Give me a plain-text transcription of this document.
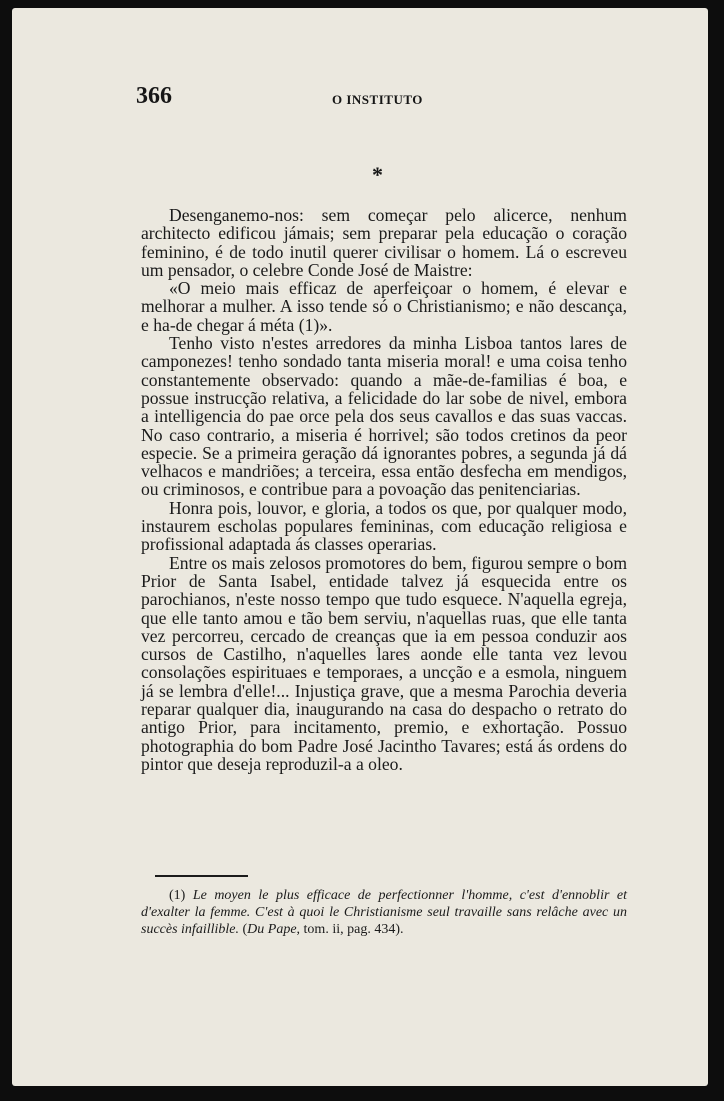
366	O INSTITUTO
*

Desenganemo-nos: sem começar pelo alicerce, nenhum architecto edificou jámais; sem preparar pela educação o coração feminino, é de todo inutil querer civilisar o homem. Lá o escreveu um pensador, o celebre Conde José de Maistre:

«O meio mais efficaz de aperfeiçoar o homem, é elevar e melhorar a mulher. A isso tende só o Christianismo; e não descança, e ha-de chegar á méta (1)».

Tenho visto n'estes arredores da minha Lisboa tantos lares de camponezes! tenho sondado tanta miseria moral! e uma coisa tenho constantemente observado: quando a mãe-de-familias é boa, e possue instrucção relativa, a felicidade do lar sobe de nivel, embora a intelligencia do pae orce pela dos seus cavallos e das suas vaccas. No caso contrario, a miseria é horrivel; são todos cretinos da peor especie. Se a primeira geração dá ignorantes pobres, a segunda já dá velhacos e mandriões; a terceira, essa então desfecha em mendigos, ou criminosos, e contribue para a povoação das penitenciarias.

Honra pois, louvor, e gloria, a todos os que, por qualquer modo, instaurem escholas populares femininas, com educação religiosa e profissional adaptada ás classes operarias.

Entre os mais zelosos promotores do bem, figurou sempre o bom Prior de Santa Isabel, entidade talvez já esquecida entre os parochianos, n'este nosso tempo que tudo esquece. N'aquella egreja, que elle tanto amou e tão bem serviu, n'aquellas ruas, que elle tanta vez percorreu, cercado de creanças que ia em pessoa conduzir aos cursos de Castilho, n'aquelles lares aonde elle tanta vez levou consolações espirituaes e temporaes, a uncção e a esmola, ninguem já se lembra d'elle!... Injustiça grave, que a mesma Parochia deveria reparar qualquer dia, inaugurando na casa do despacho o retrato do antigo Prior, para incitamento, premio, e exhortação. Possuo photographia do bom Padre José Jacintho Tavares; está ás ordens do pintor que deseja reproduzil-a a oleo.

(1) Le moyen le plus efficace de perfectionner l'homme, c'est d'ennoblir et d'exalter la femme. C'est à quoi le Christianisme seul travaille sans relâche avec un succès infaillible. (Du Pape, tom. ii, pag. 434).
